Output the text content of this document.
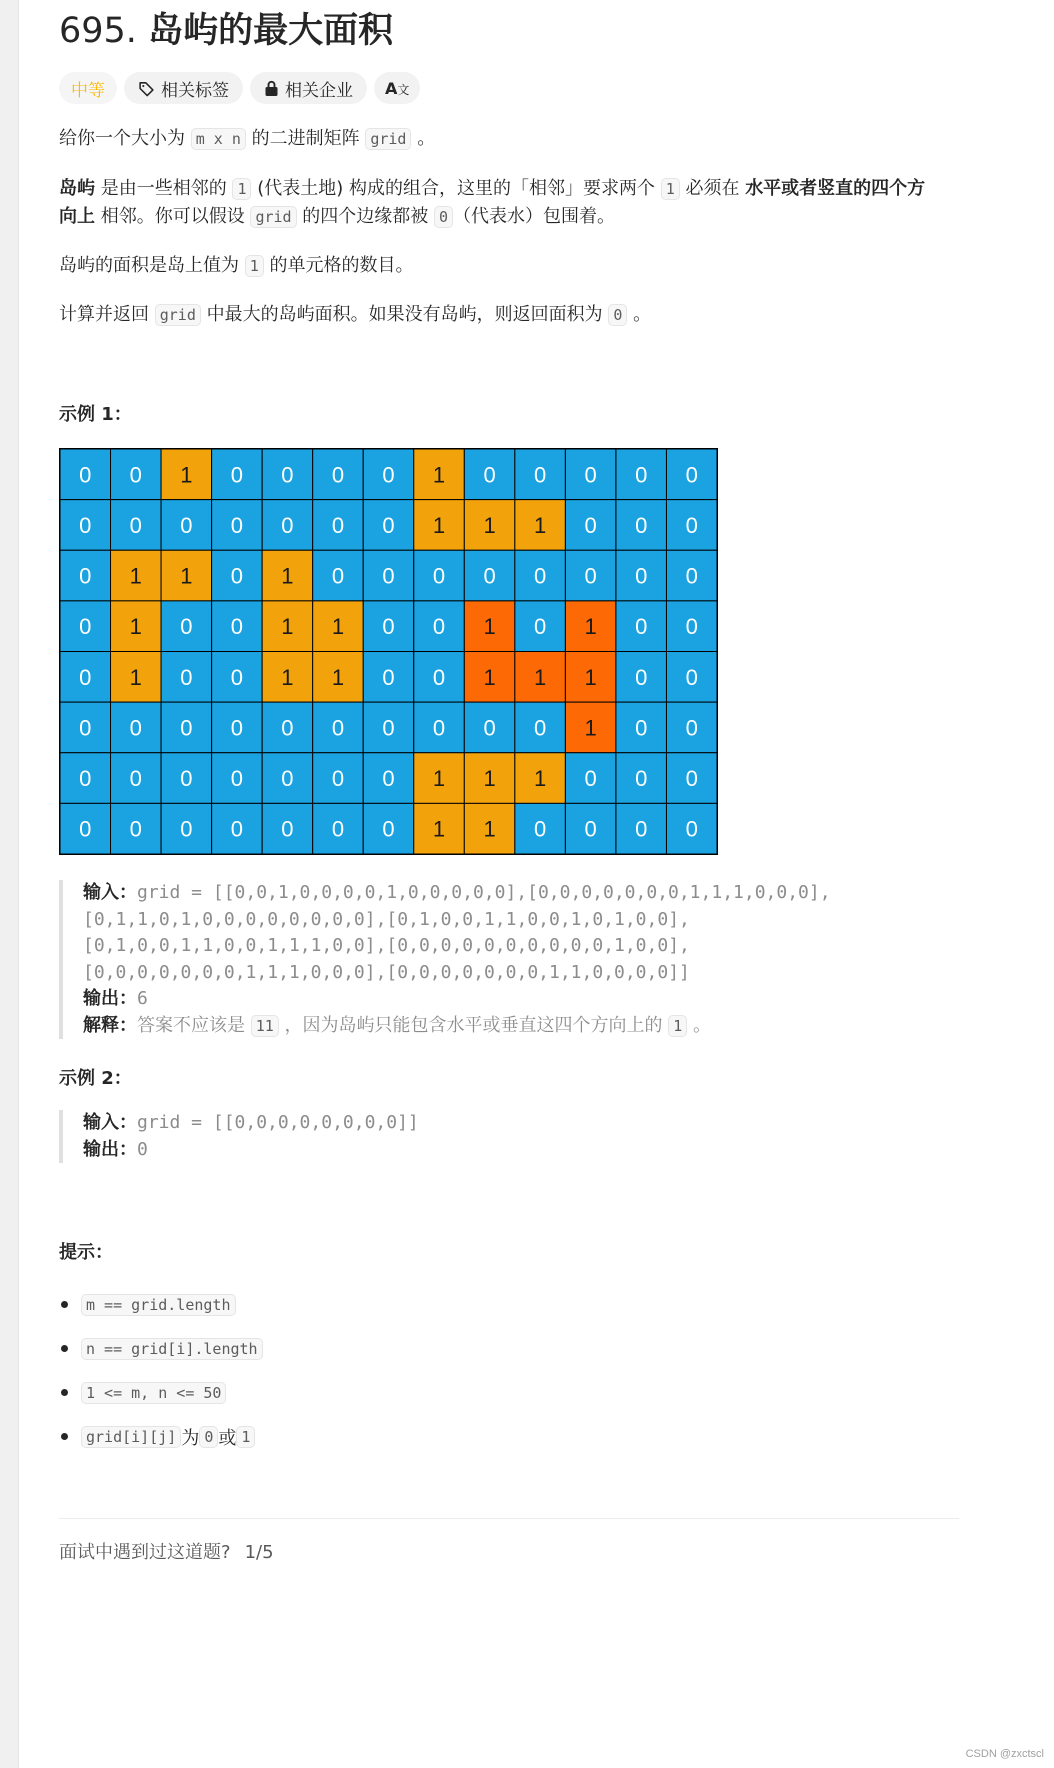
695. 岛屿的最大面积
中等	相关标签	相关企业 A文

给你一个大小为 m x n 的二进制矩阵 grid 。

岛屿 是由一些相邻的 1 (代表土地) 构成的组合，这里的「相邻」要求两个 1 必须在 水平或者竖直的四个方

向上 相邻。你可以假设 grid 的四个边缘都被 0 （代表水）包围着。

岛屿的面积是岛上值为 1 的单元格的数目。

计算并返回 grid 中最大的岛屿面积。如果没有岛屿，则返回面积为 0 。

示例 1：

0 0 1 0 0 0 0 1 0 0 0 0 0
0 0 0 0 0 0 0 1 1 1 0 0 0
0 1 1 0 1 0 0 0 0 0 0 0 0
0 1 0 0 1 1 0 0 1 0 1 0 0
0 1 0 0 1 1 0 0 1 1 1 0 0
0 0 0 0 0 0 0 0 0 0 1 0 0
0 0 0 0 0 0 0 1 1 1 0 0 0
0 0 0 0 0 0 0 1 1 0 0 0 0
输入：grid = [[0,0,1,0,0,0,0,1,0,0,0,0,0],[0,0,0,0,0,0,0,1,1,1,0,0,0],
[0,1,1,0,1,0,0,0,0,0,0,0,0],[0,1,0,0,1,1,0,0,1,0,1,0,0],
[0,1,0,0,1,1,0,0,1,1,1,0,0],[0,0,0,0,0,0,0,0,0,0,1,0,0],
[0,0,0,0,0,0,0,1,1,1,0,0,0],[0,0,0,0,0,0,0,1,1,0,0,0,0]]
输出：6
解释：答案不应该是 11 ，因为岛屿只能包含水平或垂直这四个方向上的 1 。

示例 2：

输入：grid = [[0,0,0,0,0,0,0,0]]
输出：0

提示：

m == grid.length
n == grid[i].length
1 <= m, n <= 50
grid[i][j] 为 0 或 1
面试中遇到过这道题? 1/5
CSDN @zxctscl
